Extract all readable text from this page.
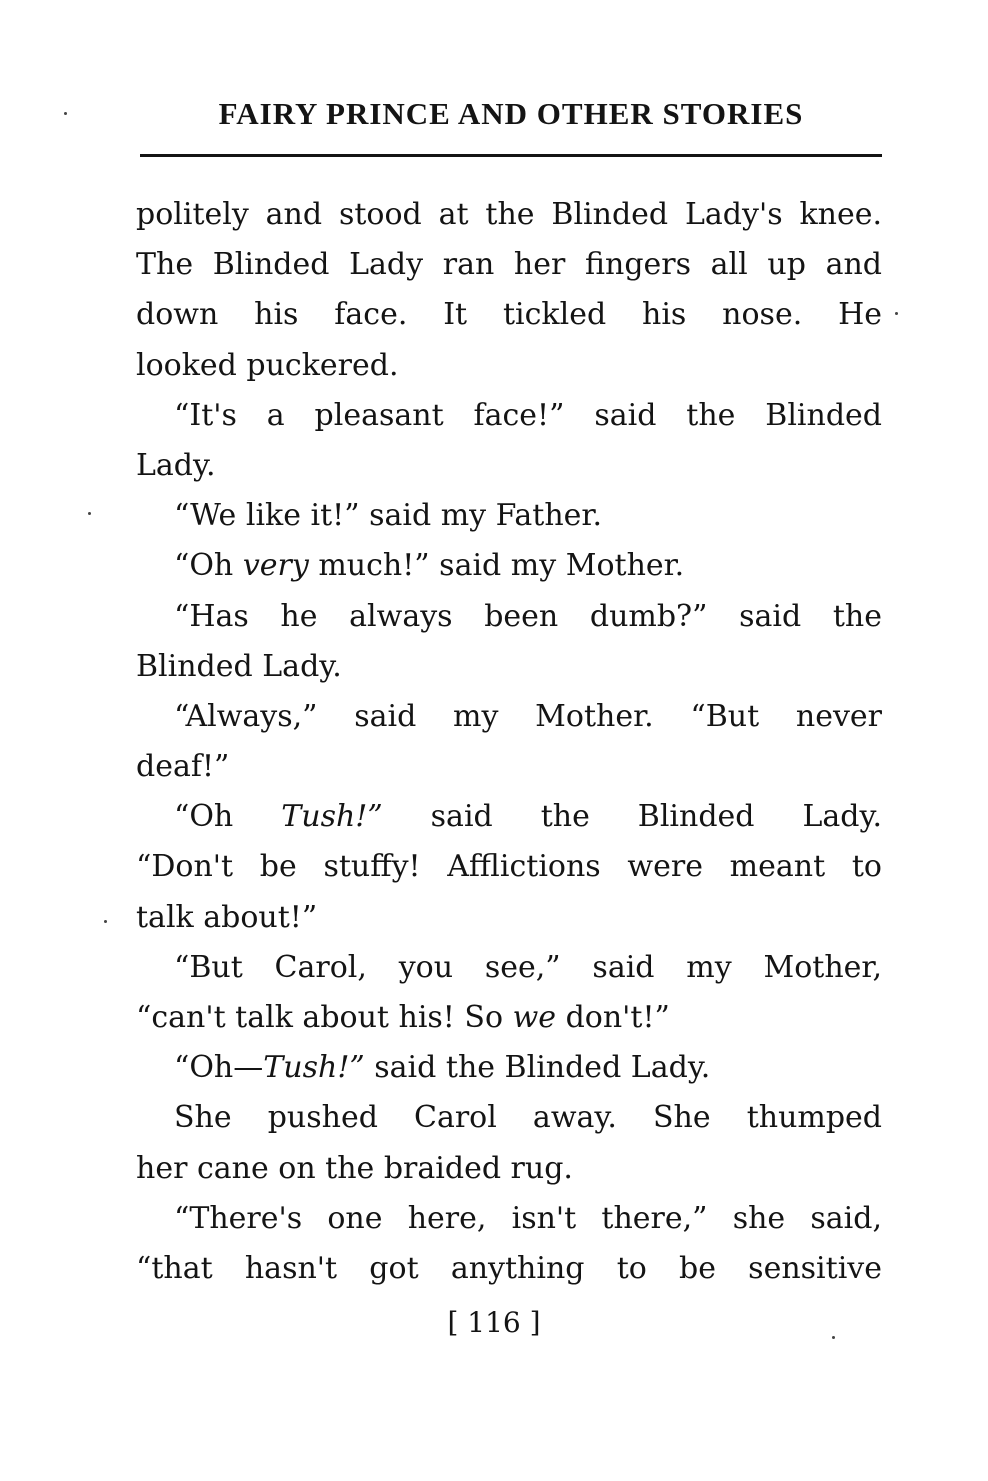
FAIRY PRINCE AND OTHER STORIES
politely and stood at the Blinded Lady's knee.
The Blinded Lady ran her fingers all up and
down his face. It tickled his nose. He
looked puckered.
“It's a pleasant face!” said the Blinded
Lady.
“We like it!” said my Father.
“Oh very much!” said my Mother.
“Has he always been dumb?” said the
Blinded Lady.
“Always,” said my Mother. “But never
deaf!”
“Oh Tush!” said the Blinded Lady.
“Don't be stuffy! Afflictions were meant to
talk about!”
“But Carol, you see,” said my Mother,
“can't talk about his! So we don't!”
“Oh—Tush!” said the Blinded Lady.
She pushed Carol away. She thumped
her cane on the braided rug.
“There's one here, isn't there,” she said,
“that hasn't got anything to be sensitive
[ 116 ]
